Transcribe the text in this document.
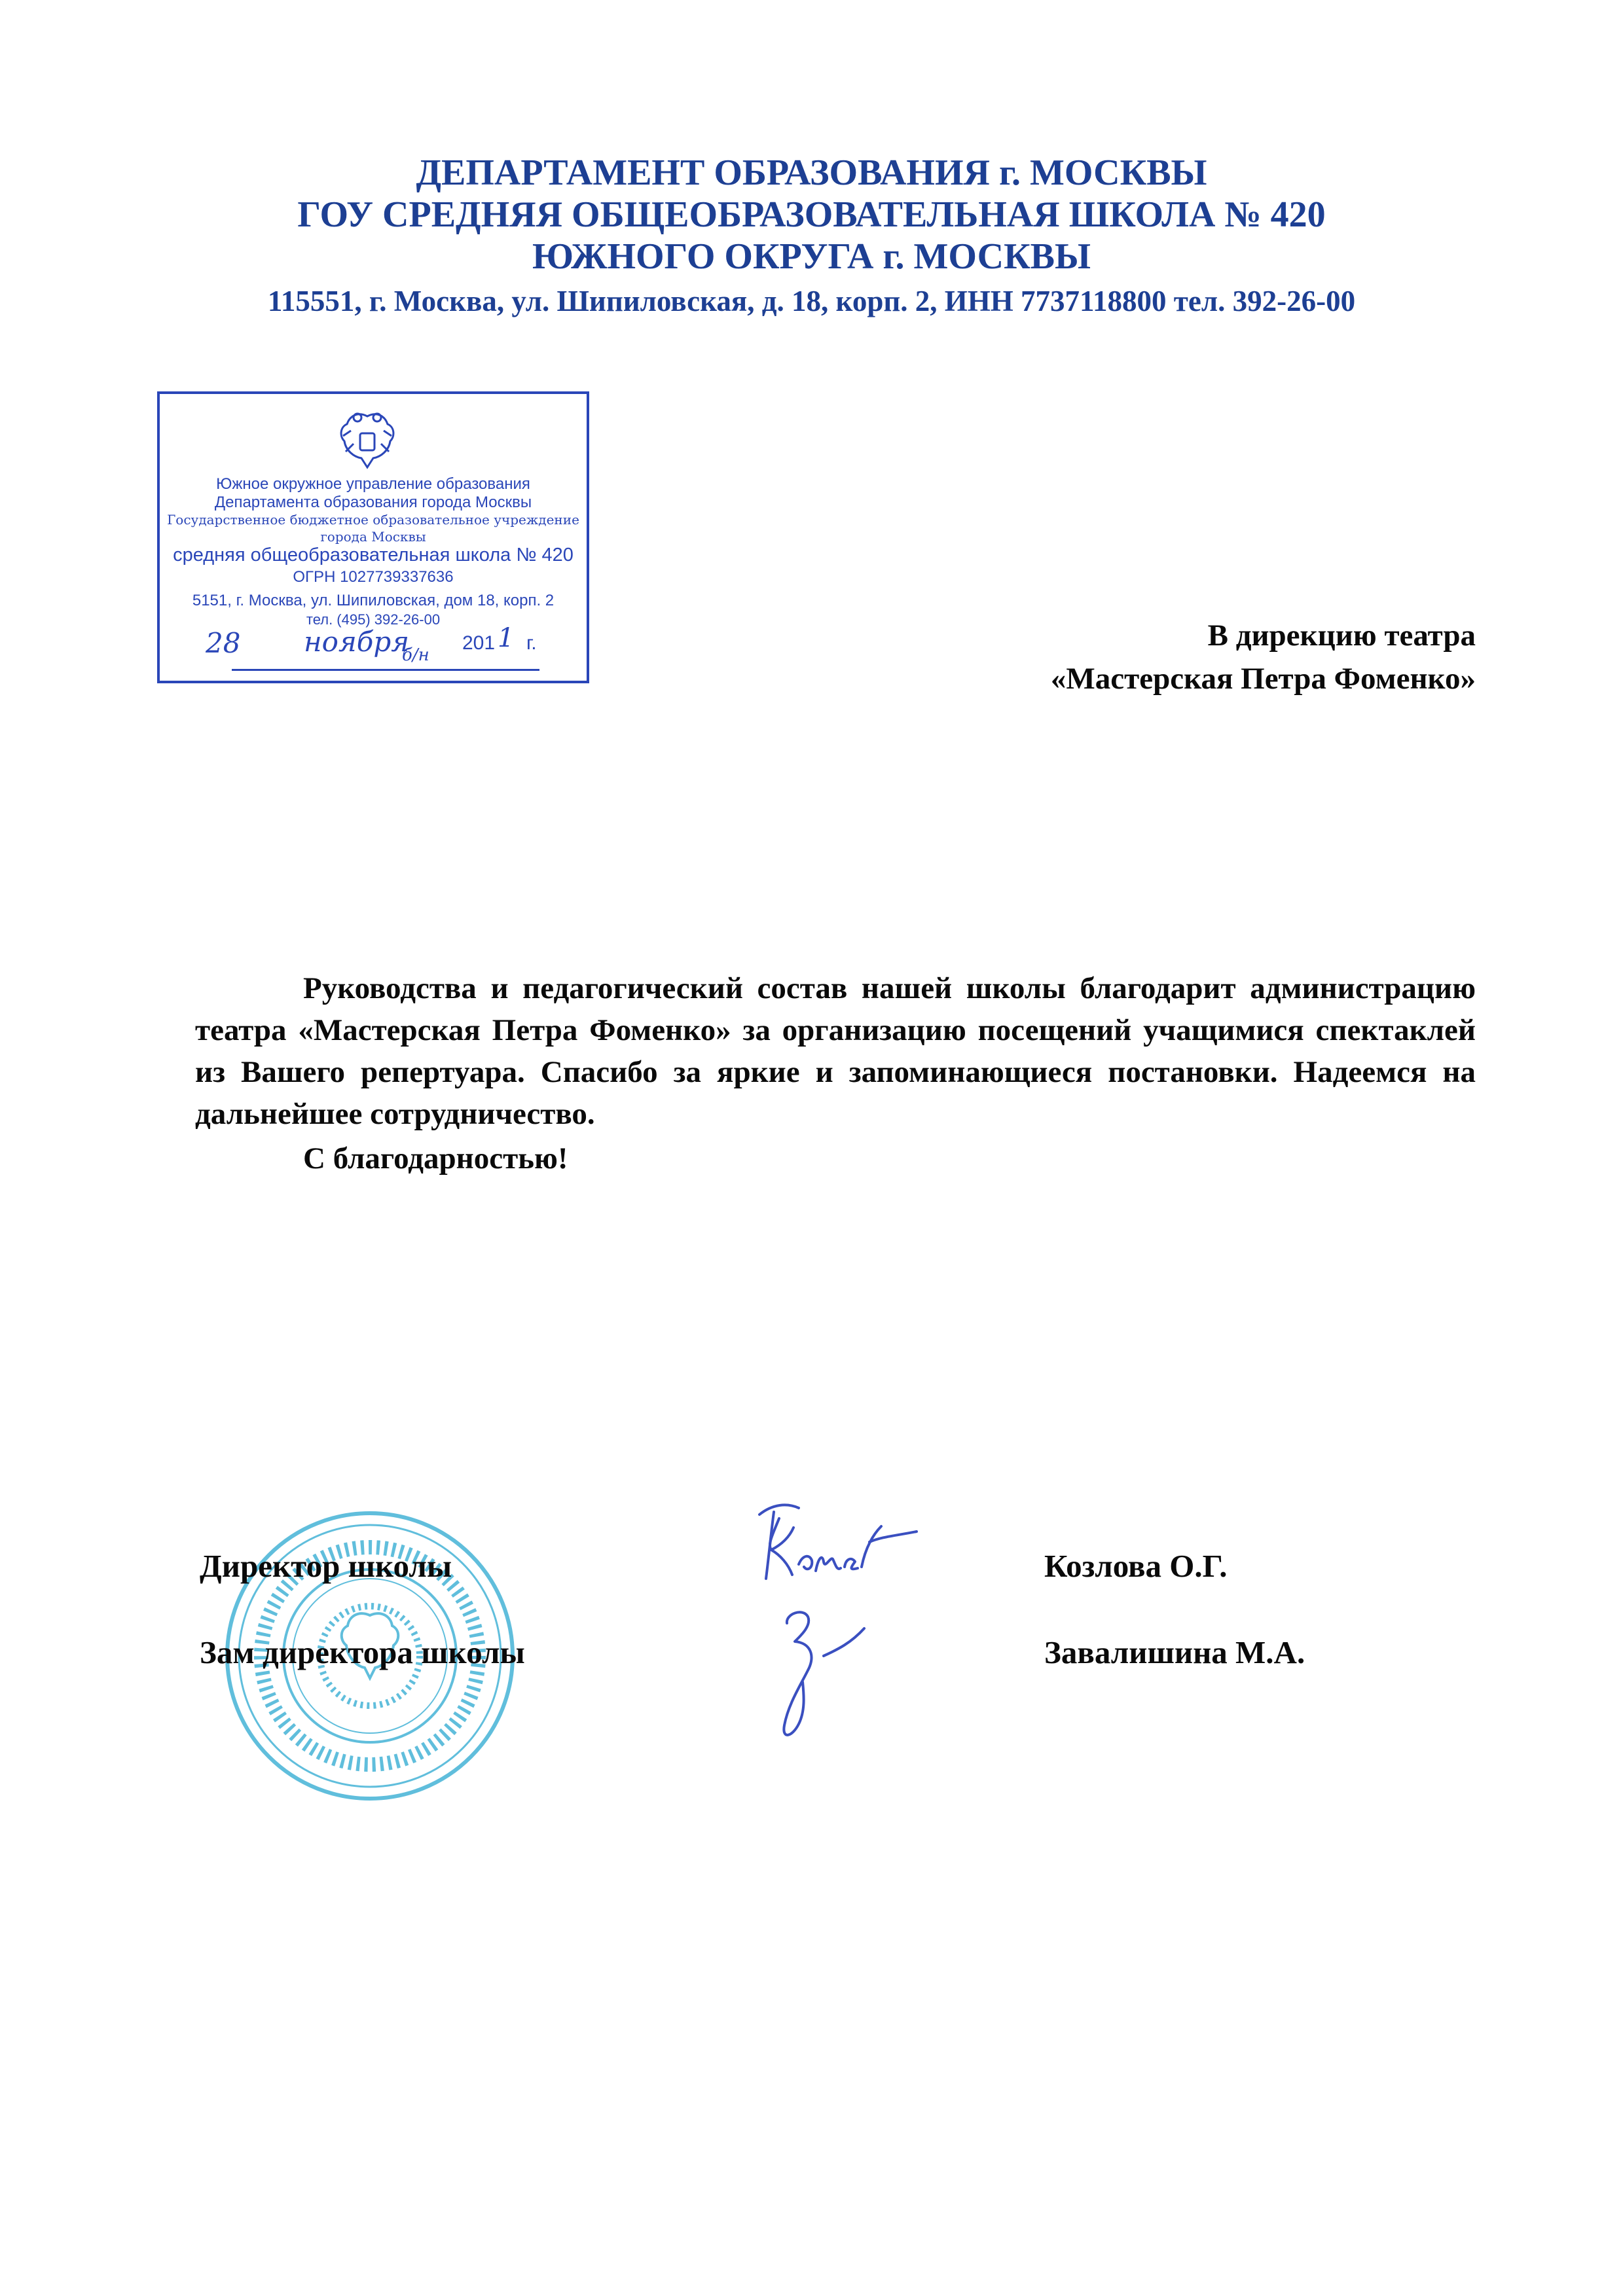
ДЕПАРТАМЕНТ ОБРАЗОВАНИЯ г. МОСКВЫ
ГОУ СРЕДНЯЯ ОБЩЕОБРАЗОВАТЕЛЬНАЯ ШКОЛА № 420
ЮЖНОГО ОКРУГА г. МОСКВЫ
115551, г. Москва, ул. Шипиловская, д. 18, корп. 2, ИНН 7737118800 тел. 392-26-00
Южное окружное управление образования
Департамента образования города Москвы
Государственное бюджетное образовательное учреждение
города Москвы
средняя общеобразовательная школа № 420
ОГРН 1027739337636
5151, г. Москва, ул. Шипиловская, дом 18, корп. 2
тел. (495) 392-26-00
28 ноября
б/н
201 1 г.	В дирекцию театра
«Мастерская Петра Фоменко»

Руководства и педагогический состав нашей школы благодарит администрацию театра «Мастерская Петра Фоменко» за организацию посещений учащимися спектаклей из Вашего репертуара. Спасибо за яркие и запоминающиеся постановки. Надеемся на дальнейшее сотрудничество.

С благодарностью!

Директор школы	Козлова О.Г.
Зам директора школы	Завалишина М.А.
